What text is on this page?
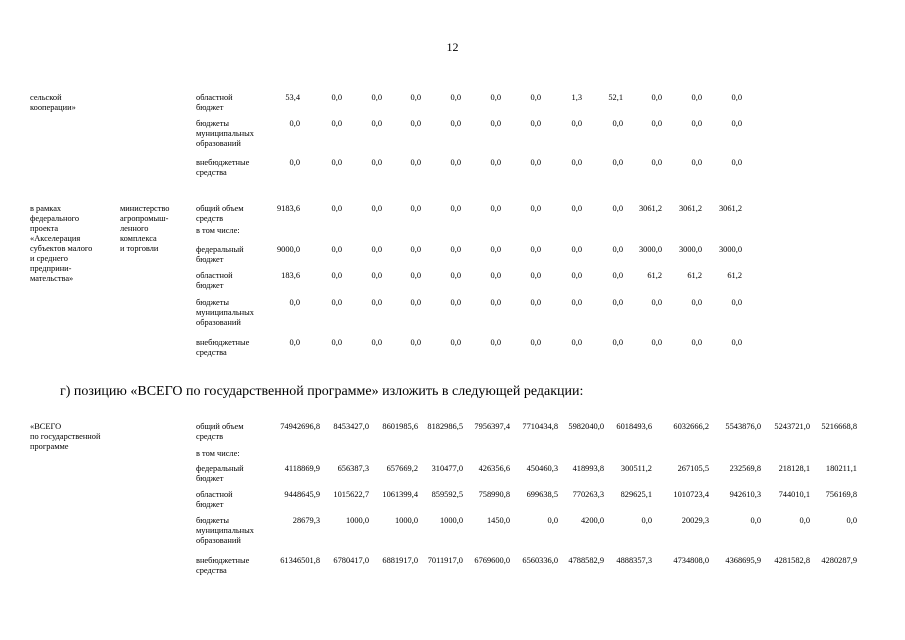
12
сельской
кооперации»
областной
бюджет
53,4	0,0	0,0	0,0	0,0	0,0	0,0	1,3	52,1	0,0	0,0	0,0
бюджеты
муниципальных
образований
0,0	0,0	0,0	0,0	0,0	0,0	0,0	0,0	0,0	0,0	0,0	0,0
внебюджетные
средства
0,0	0,0	0,0	0,0	0,0	0,0	0,0	0,0	0,0	0,0	0,0	0,0
в рамках
федерального
проекта
«Акселерация
субъектов малого
и среднего
предприни-
мательства»
министерство
агропромыш-
ленного
комплекса
и торговли
общий объем
средств
9183,6	0,0	0,0	0,0	0,0	0,0	0,0	0,0	0,0	3061,2	3061,2	3061,2
в том числе:
федеральный
бюджет
9000,0	0,0	0,0	0,0	0,0	0,0	0,0	0,0	0,0	3000,0	3000,0	3000,0
областной
бюджет
183,6	0,0	0,0	0,0	0,0	0,0	0,0	0,0	0,0	61,2	61,2	61,2
бюджеты
муниципальных
образований
0,0	0,0	0,0	0,0	0,0	0,0	0,0	0,0	0,0	0,0	0,0	0,0
внебюджетные
средства
0,0	0,0	0,0	0,0	0,0	0,0	0,0	0,0	0,0	0,0	0,0	0,0
г) позицию «ВСЕГО по государственной программе» изложить в следующей редакции:
«ВСЕГО
по государственной
программе
общий объем
средств
74942696,8	8453427,0	8601985,6	8182986,5	7956397,4	7710434,8	5982040,0	6018493,6	6032666,2	5543876,0	5243721,0	5216668,8
в том числе:
федеральный
бюджет
4118869,9	656387,3	657669,2	310477,0	426356,6	450460,3	418993,8	300511,2	267105,5	232569,8	218128,1	180211,1
областной
бюджет
9448645,9	1015622,7	1061399,4	859592,5	758990,8	699638,5	770263,3	829625,1	1010723,4	942610,3	744010,1	756169,8
бюджеты
муниципальных
образований
28679,3	1000,0	1000,0	1000,0	1450,0	0,0	4200,0	0,0	20029,3	0,0	0,0	0,0
внебюджетные
средства
61346501,8	6780417,0	6881917,0	7011917,0	6769600,0	6560336,0	4788582,9	4888357,3	4734808,0	4368695,9	4281582,8	4280287,9
